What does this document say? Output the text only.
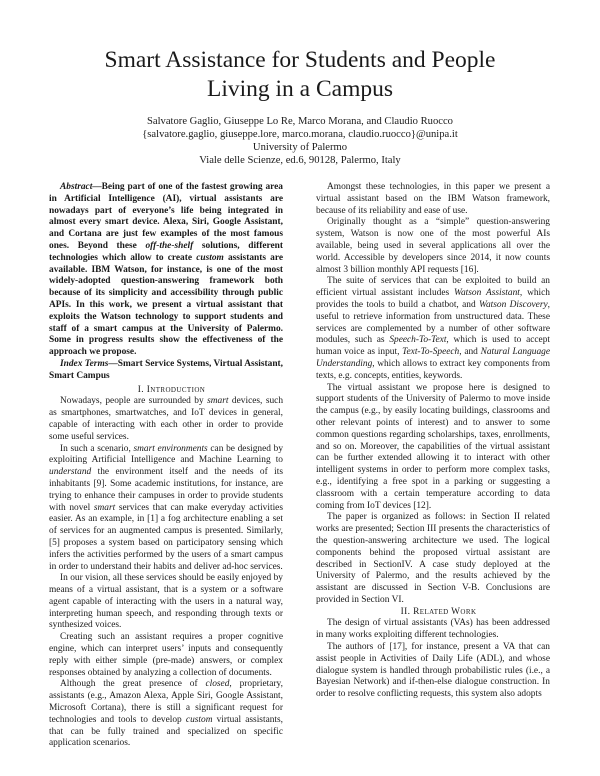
Smart Assistance for Students and People
Living in a Campus
Salvatore Gaglio, Giuseppe Lo Re, Marco Morana, and Claudio Ruocco
{salvatore.gaglio, giuseppe.lore, marco.morana, claudio.ruocco}@unipa.it
University of Palermo
Viale delle Scienze, ed.6, 90128, Palermo, Italy

Abstract—Being part of one of the fastest growing area in Artificial Intelligence (AI), virtual assistants are nowadays part of everyone’s life being integrated in almost every smart device. Alexa, Siri, Google Assistant, and Cortana are just few examples of the most famous ones. Beyond these off-the-shelf solutions, different technologies which allow to create custom assistants are available. IBM Watson, for instance, is one of the most widely-adopted question-answering framework both because of its simplicity and accessibility through public APIs. In this work, we present a virtual assistant that exploits the Watson technology to support students and staff of a smart campus at the University of Palermo. Some in progress results show the effectiveness of the approach we propose.

Index Terms—Smart Service Systems, Virtual Assistant, Smart Campus

I. Introduction

Nowadays, people are surrounded by smart devices, such as smartphones, smartwatches, and IoT devices in general, capable of interacting with each other in order to provide some useful services.

In such a scenario, smart environments can be designed by exploiting Artificial Intelligence and Machine Learning to understand the environment itself and the needs of its inhabitants [9]. Some academic institutions, for instance, are trying to enhance their campuses in order to provide students with novel smart services that can make everyday activities easier. As an example, in [1] a fog architecture enabling a set of services for an augmented campus is presented. Similarly, [5] proposes a system based on participatory sensing which infers the activities performed by the users of a smart campus in order to understand their habits and deliver ad-hoc services.

In our vision, all these services should be easily enjoyed by means of a virtual assistant, that is a system or a software agent capable of interacting with the users in a natural way, interpreting human speech, and responding through texts or synthesized voices.

Creating such an assistant requires a proper cognitive engine, which can interpret users’ inputs and consequently reply with either simple (pre-made) answers, or complex responses obtained by analyzing a collection of documents.

Although the great presence of closed, proprietary, assistants (e.g., Amazon Alexa, Apple Siri, Google Assistant, Microsoft Cortana), there is still a significant request for technologies and tools to develop custom virtual assistants, that can be fully trained and specialized on specific application scenarios.

Amongst these technologies, in this paper we present a virtual assistant based on the IBM Watson framework, because of its reliability and ease of use.

Originally thought as a “simple” question-answering system, Watson is now one of the most powerful AIs available, being used in several applications all over the world. Accessible by developers since 2014, it now counts almost 3 billion monthly API requests [16].

The suite of services that can be exploited to build an efficient virtual assistant includes Watson Assistant, which provides the tools to build a chatbot, and Watson Discovery, useful to retrieve information from unstructured data. These services are complemented by a number of other software modules, such as Speech-To-Text, which is used to accept human voice as input, Text-To-Speech, and Natural Language Understanding, which allows to extract key components from texts, e.g. concepts, entities, keywords.

The virtual assistant we propose here is designed to support students of the University of Palermo to move inside the campus (e.g., by easily locating buildings, classrooms and other relevant points of interest) and to answer to some common questions regarding scholarships, taxes, enrollments, and so on. Moreover, the capabilities of the virtual assistant can be further extended allowing it to interact with other intelligent systems in order to perform more complex tasks, e.g., identifying a free spot in a parking or suggesting a classroom with a certain temperature according to data coming from IoT devices [12].

The paper is organized as follows: in Section II related works are presented; Section III presents the characteristics of the question-answering architecture we used. The logical components behind the proposed virtual assistant are described in SectionIV. A case study deployed at the University of Palermo, and the results achieved by the assistant are discussed in Section V-B. Conclusions are provided in Section VI.

II. Related Work

The design of virtual assistants (VAs) has been addressed in many works exploiting different technologies.

The authors of [17], for instance, present a VA that can assist people in Activities of Daily Life (ADL), and whose dialogue system is handled through probabilistic rules (i.e., a Bayesian Network) and if-then-else dialogue construction. In order to resolve conflicting requests, this system also adopts
